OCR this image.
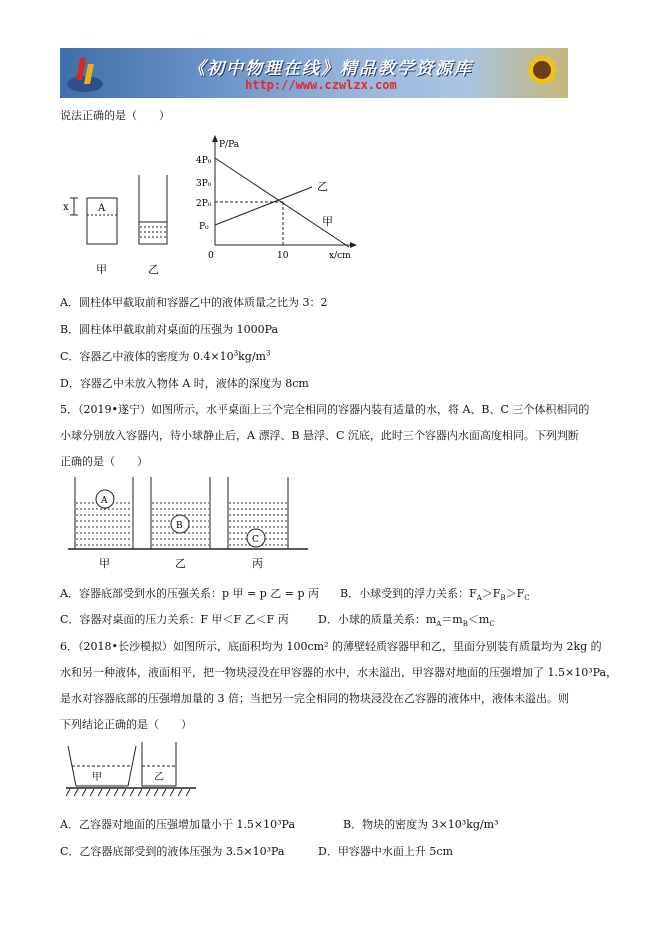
《初中物理在线》精品教学资源库
http://www.czwlzx.com
说法正确的是（　　）
x	A
甲	乙
P/Pa
x/cm
4P₀
3P₀
2P₀
P₀
0	10
乙
甲
A．圆柱体甲截取前和容器乙中的液体质量之比为 3：2
B．圆柱体甲截取前对桌面的压强为 1000Pa
C．容器乙中液体的密度为 $0.4\times 10^3kg/m^3$
D．容器乙中未放入物体 A 时，液体的深度为 8cm
5．（2019•遂宁）如图所示，水平桌面上三个完全相同的容器内装有适量的水，将 A、B、C 三个体积相同的
小球分别放入容器内，待小球静止后，A 漂浮、B 悬浮、C 沉底，此时三个容器内水面高度相同。下列判断
正确的是（　　）
A
B
C
甲	乙	丙
A．容器底部受到水的压强关系：p 甲 = p 乙 = p 丙 B．小球受到的浮力关系：$F_A>F_B>F_C$
C．容器对桌面的压力关系：F 甲＜F 乙＜F 丙	D．小球的质量关系：$m_A=m_B<m_C$
6．（2018•长沙模拟）如图所示，底面积均为 100cm² 的薄壁轻质容器甲和乙，里面分别装有质量均为 2kg 的
水和另一种液体，液面相平，把一物块浸没在甲容器的水中，水未溢出，甲容器对地面的压强增加了 1.5×10³Pa，
是水对容器底部的压强增加量的 3 倍；当把另一完全相同的物块浸没在乙容器的液体中，液体未溢出。则
下列结论正确的是（　　）
甲	乙
A．乙容器对地面的压强增加量小于 1.5×10³Pa	B．物块的密度为 3×10³kg/m³
C．乙容器底部受到的液体压强为 3.5×10³Pa	D．甲容器中水面上升 5cm
